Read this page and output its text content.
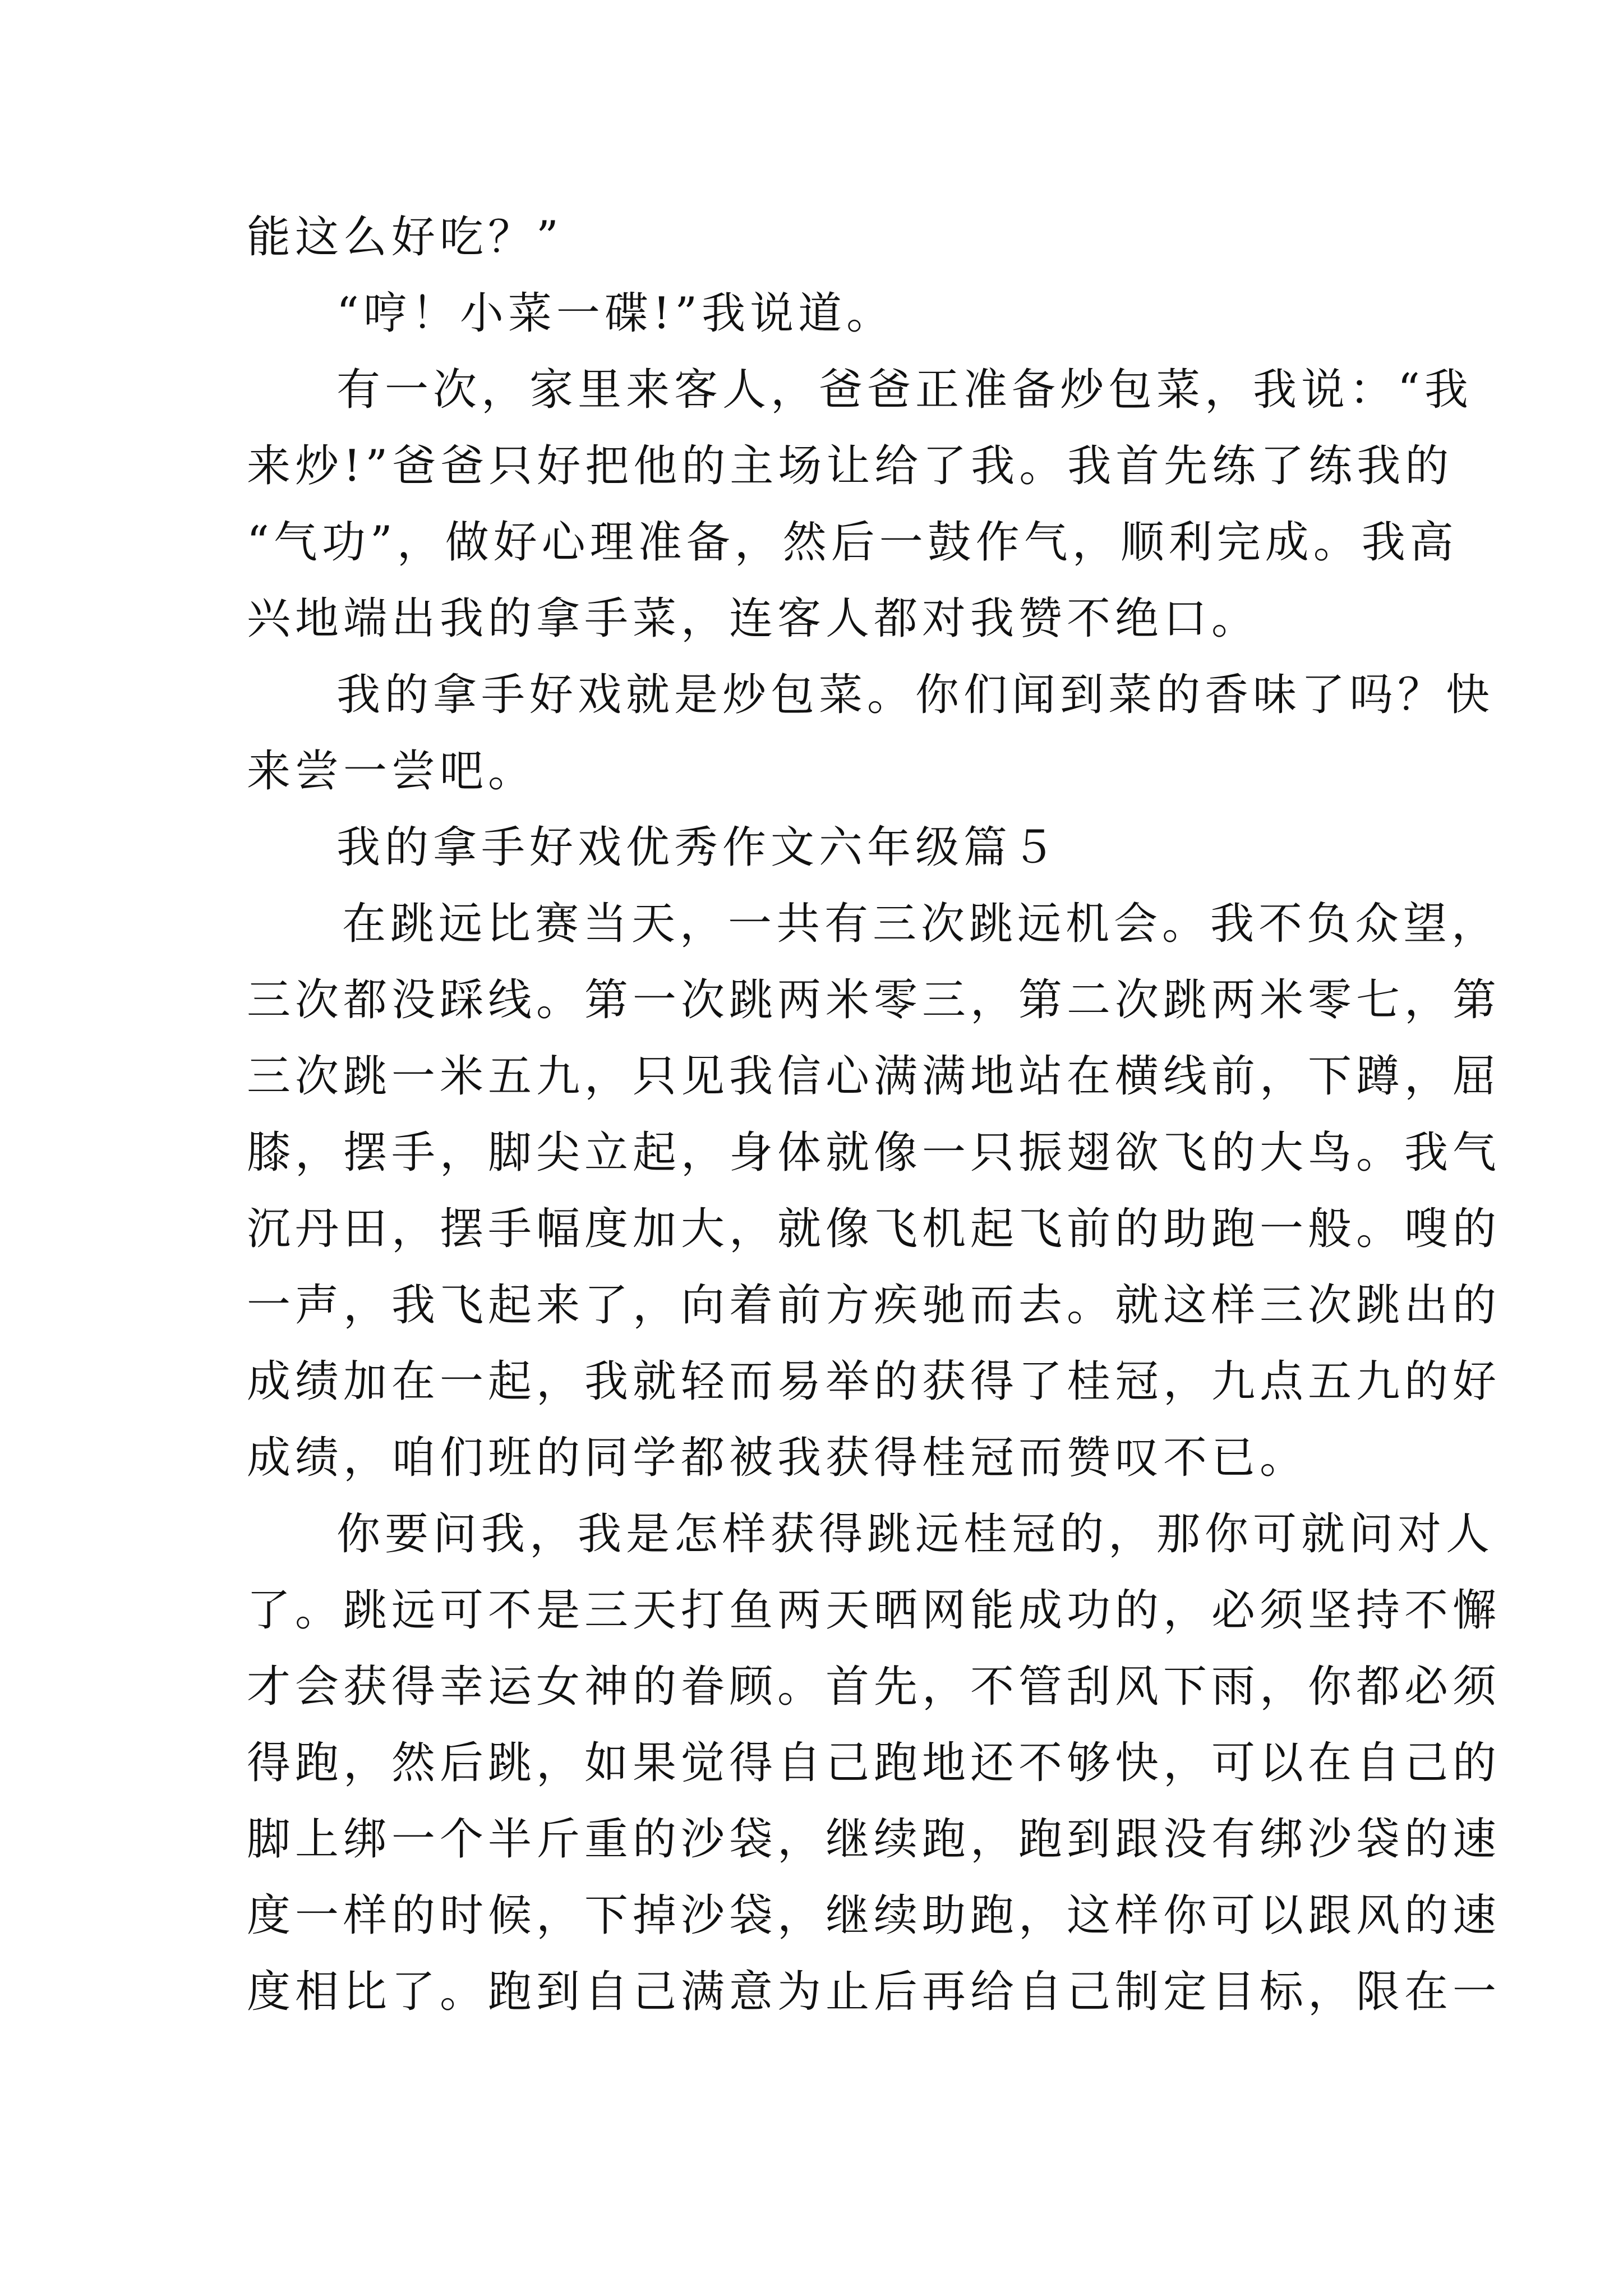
能这么好吃？”
“哼！小菜一碟!”我说道。
有一次，家里来客人，爸爸正准备炒包菜，我说：“我
来炒!”爸爸只好把他的主场让给了我。我首先练了练我的
“气功”，做好心理准备，然后一鼓作气，顺利完成。我高
兴地端出我的拿手菜，连客人都对我赞不绝口。
我的拿手好戏就是炒包菜。你们闻到菜的香味了吗？快
来尝一尝吧。
我的拿手好戏优秀作文六年级篇５
在跳远比赛当天，一共有三次跳远机会。我不负众望，
三次都没踩线。第一次跳两米零三，第二次跳两米零七，第
三次跳一米五九，只见我信心满满地站在横线前，下蹲，屈
膝，摆手，脚尖立起，身体就像一只振翅欲飞的大鸟。我气
沉丹田，摆手幅度加大，就像飞机起飞前的助跑一般。嗖的
一声，我飞起来了，向着前方疾驰而去。就这样三次跳出的
成绩加在一起，我就轻而易举的获得了桂冠，九点五九的好
成绩，咱们班的同学都被我获得桂冠而赞叹不已。
你要问我，我是怎样获得跳远桂冠的，那你可就问对人
了。跳远可不是三天打鱼两天晒网能成功的，必须坚持不懈
才会获得幸运女神的眷顾。首先，不管刮风下雨，你都必须
得跑，然后跳，如果觉得自己跑地还不够快，可以在自己的
脚上绑一个半斤重的沙袋，继续跑，跑到跟没有绑沙袋的速
度一样的时候，下掉沙袋，继续助跑，这样你可以跟风的速
度相比了。跑到自己满意为止后再给自己制定目标，限在一
